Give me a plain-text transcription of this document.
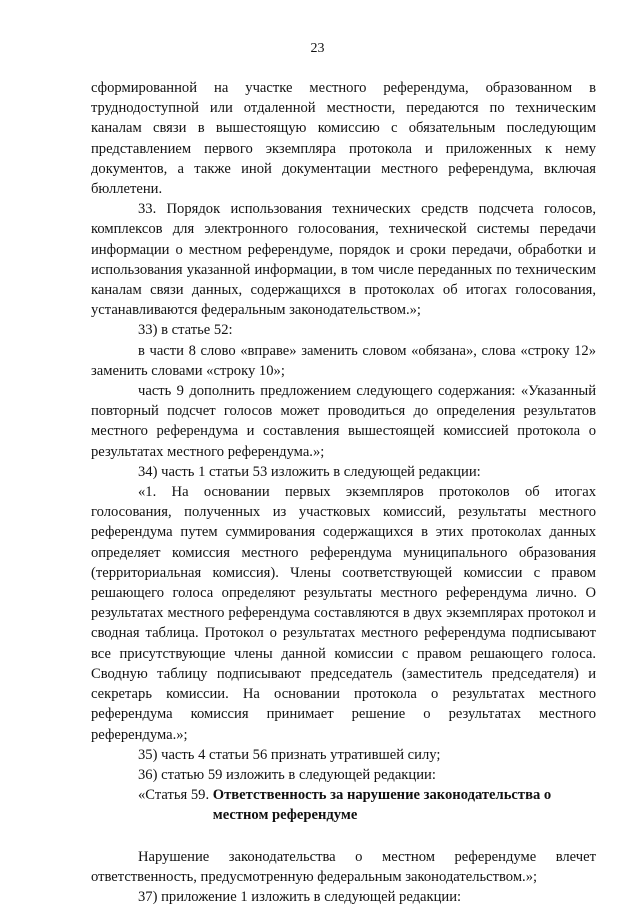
23

сформированной на участке местного референдума, образованном в труднодоступной или отдаленной местности, передаются по техническим каналам связи в вышестоящую комиссию с обязательным последующим представлением первого экземпляра протокола и приложенных к нему документов, а также иной документации местного референдума, включая бюллетени.

33. Порядок использования технических средств подсчета голосов, комплексов для электронного голосования, технической системы передачи информации о местном референдуме, порядок и сроки передачи, обработки и использования указанной информации, в том числе переданных по техническим каналам связи данных, содержащихся в протоколах об итогах голосования, устанавливаются федеральным законодательством.»;

33) в статье 52:

в части 8 слово «вправе» заменить словом «обязана», слова «строку 12» заменить словами «строку 10»;

часть 9 дополнить предложением следующего содержания: «Указанный повторный подсчет голосов может проводиться до определения результатов местного референдума и составления вышестоящей комиссией протокола о результатах местного референдума.»;

34) часть 1 статьи 53 изложить в следующей редакции:

«1. На основании первых экземпляров протоколов об итогах голосования, полученных из участковых комиссий, результаты местного референдума путем суммирования содержащихся в этих протоколах данных определяет комиссия местного референдума муниципального образования (территориальная комиссия). Члены соответствующей комиссии с правом решающего голоса определяют результаты местного референдума лично. О результатах местного референдума составляются в двух экземплярах протокол и сводная таблица. Протокол о результатах местного референдума подписывают все присутствующие члены данной комиссии с правом решающего голоса. Сводную таблицу подписывают председатель (заместитель председателя) и секретарь комиссии. На основании протокола о результатах местного референдума комиссия принимает решение о результатах местного референдума.»;

35) часть 4 статьи 56 признать утратившей силу;

36) статью 59 изложить в следующей редакции:

«Статья 59. Ответственность за нарушение законодательства о местном референдуме

Нарушение законодательства о местном референдуме влечет ответственность, предусмотренную федеральным законодательством.»;

37) приложение 1 изложить в следующей редакции:
